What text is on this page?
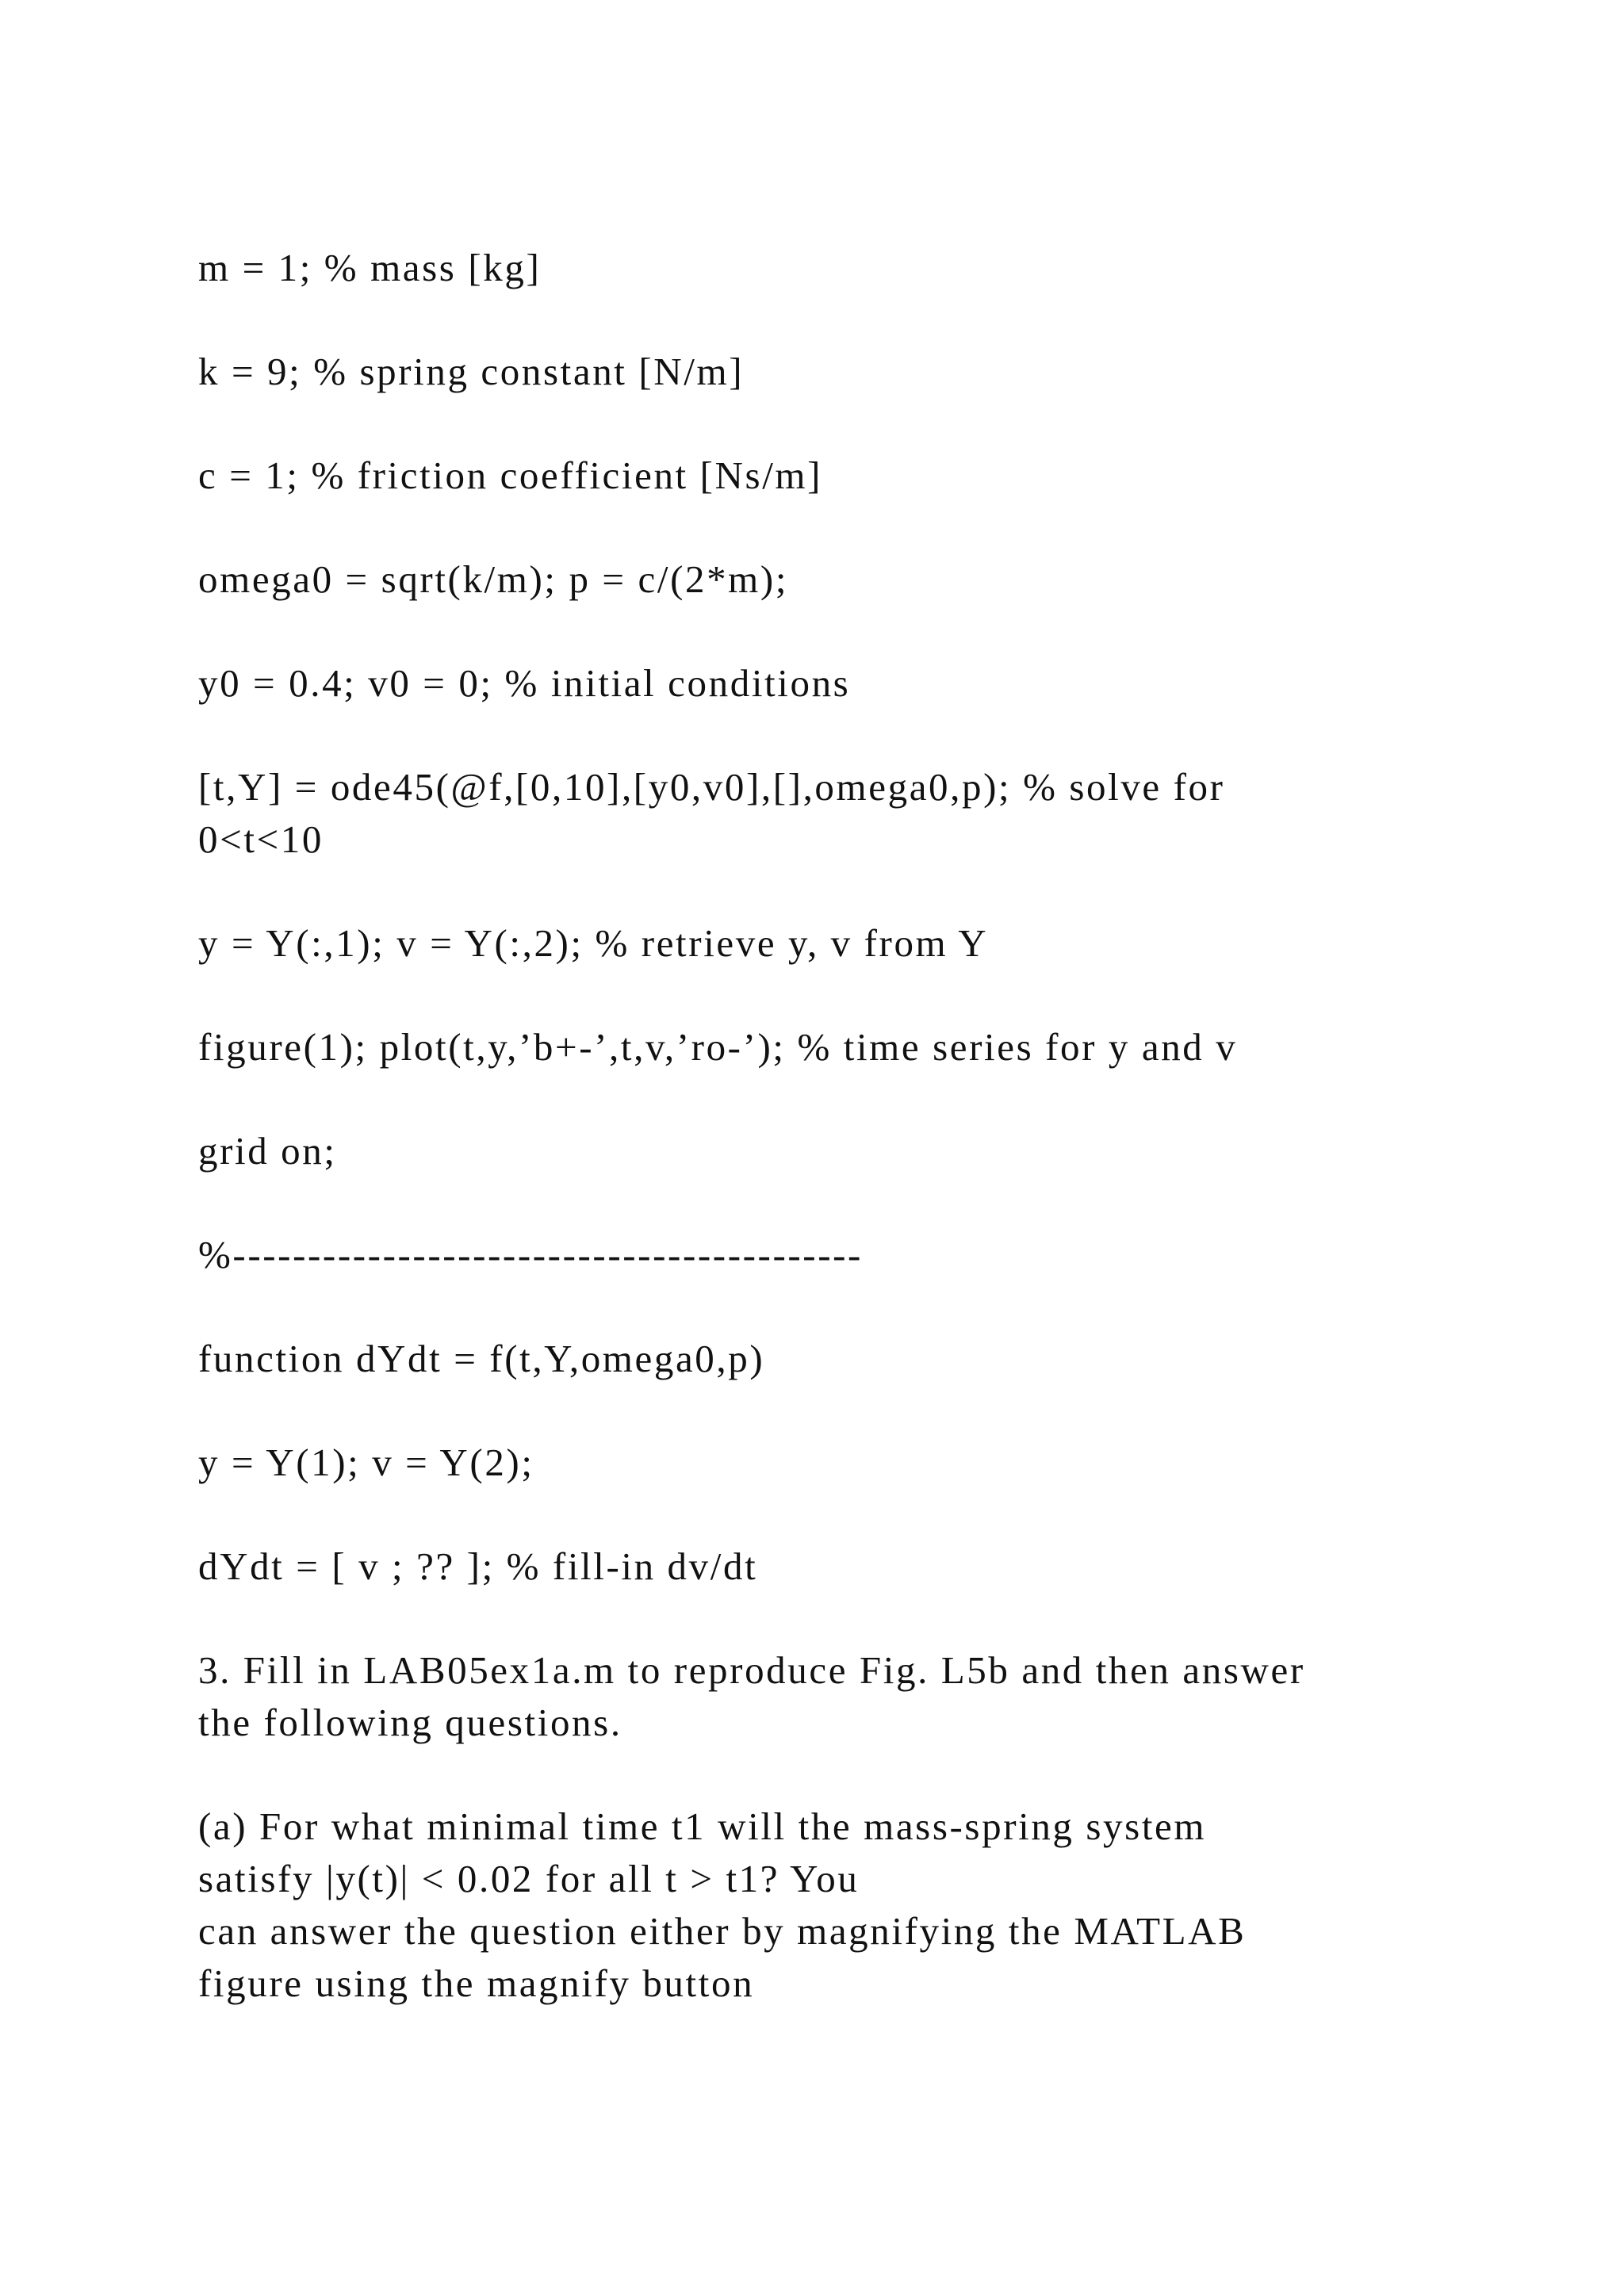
m = 1; % mass [kg]
k = 9; % spring constant [N/m]
c = 1; % friction coefficient [Ns/m]
omega0 = sqrt(k/m); p = c/(2*m);
y0 = 0.4; v0 = 0; % initial conditions
[t,Y] = ode45(@f,[0,10],[y0,v0],[],omega0,p); % solve for
0<t<10
y = Y(:,1); v = Y(:,2); % retrieve y, v from Y
figure(1); plot(t,y,’b+-’,t,v,’ro-’); % time series for y and v
grid on;
%------------------------------------------
function dYdt = f(t,Y,omega0,p)
y = Y(1); v = Y(2);
dYdt = [ v ; ?? ]; % fill-in dv/dt
3. Fill in LAB05ex1a.m to reproduce Fig. L5b and then answer
the following questions.
(a) For what minimal time t1 will the mass-spring system
satisfy |y(t)| < 0.02 for all t > t1? You
can answer the question either by magnifying the MATLAB
figure using the magnify button
